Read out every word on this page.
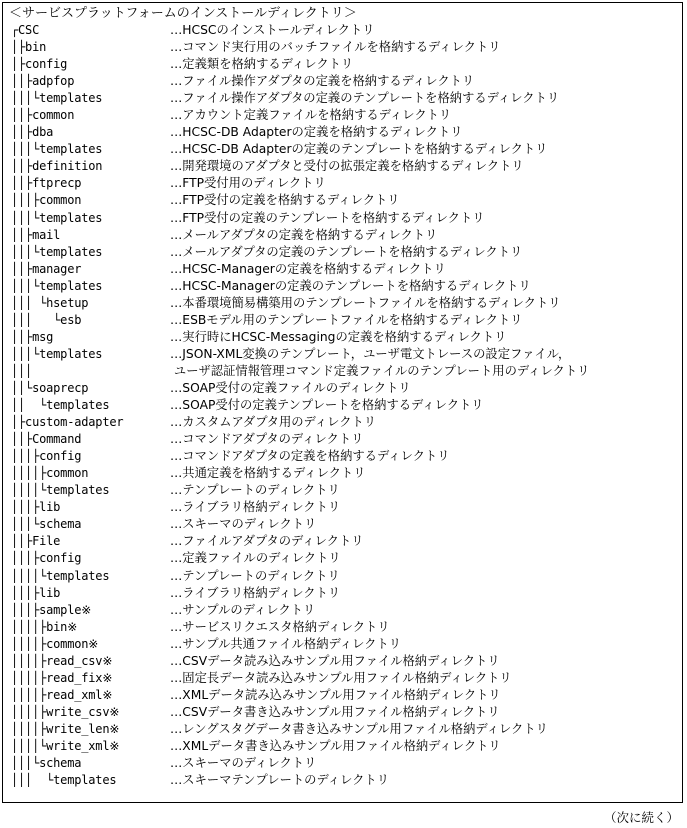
＜サービスプラットフォームのインストールディレクトリ＞
┌CSC	…HCSCのインストールディレクトリ
│├bin	…コマンド実行用のバッチファイルを格納するディレクトリ
│├config	…定義類を格納するディレクトリ
││├adpfop	…ファイル操作アダプタの定義を格納するディレクトリ
│││└templates	…ファイル操作アダプタの定義のテンプレートを格納するディレクトリ
││├common	…アカウント定義ファイルを格納するディレクトリ
││├dba	…HCSC-DB Adapterの定義を格納するディレクトリ
│││└templates	…HCSC-DB Adapterの定義のテンプレートを格納するディレクトリ
││├definition	…開発環境のアダプタと受付の拡張定義を格納するディレクトリ
││├ftprecp	…FTP受付用のディレクトリ
│││├common	…FTP受付の定義を格納するディレクトリ
│││└templates	…FTP受付の定義のテンプレートを格納するディレクトリ
││├mail	…メールアダプタの定義を格納するディレクトリ
│││└templates	…メールアダプタの定義のテンプレートを格納するディレクトリ
││├manager	…HCSC-Managerの定義を格納するディレクトリ
│││└templates	…HCSC-Managerの定義のテンプレートを格納するディレクトリ
│││ └hsetup	…本番環境簡易構築用のテンプレートファイルを格納するディレクトリ
│││   └esb	…ESBモデル用のテンプレートファイルを格納するディレクトリ
││├msg	…実行時にHCSC-Messagingの定義を格納するディレクトリ
│││└templates	…JSON-XML変換のテンプレート，ユーザ電文トレースの設定ファイル，
│││	ユーザ認証情報管理コマンド定義ファイルのテンプレート用のディレクトリ
││└soaprecp	…SOAP受付の定義ファイルのディレクトリ
││  └templates	…SOAP受付の定義テンプレートを格納するディレクトリ
│├custom-adapter	…カスタムアダプタ用のディレクトリ
││├Command	…コマンドアダプタのディレクトリ
│││├config	…コマンドアダプタの定義を格納するディレクトリ
││││├common	…共通定義を格納するディレクトリ
││││└templates	…テンプレートのディレクトリ
│││├lib	…ライブラリ格納ディレクトリ
│││└schema	…スキーマのディレクトリ
││├File	…ファイルアダプタのディレクトリ
│││├config	…定義ファイルのディレクトリ
││││└templates	…テンプレートのディレクトリ
│││├lib	…ライブラリ格納ディレクトリ
│││├sample※	…サンプルのディレクトリ
││││├bin※	…サービスリクエスタ格納ディレクトリ
││││├common※	…サンプル共通ファイル格納ディレクトリ
││││├read_csv※	…CSVデータ読み込みサンプル用ファイル格納ディレクトリ
││││├read_fix※	…固定長データ読み込みサンプル用ファイル格納ディレクトリ
││││├read_xml※	…XMLデータ読み込みサンプル用ファイル格納ディレクトリ
││││├write_csv※	…CSVデータ書き込みサンプル用ファイル格納ディレクトリ
││││├write_len※	…レングスタグデータ書き込みサンプル用ファイル格納ディレクトリ
││││└write_xml※	…XMLデータ書き込みサンプル用ファイル格納ディレクトリ
│││└schema	…スキーマのディレクトリ
│││  └templates	…スキーマテンプレートのディレクトリ
（次に続く）
